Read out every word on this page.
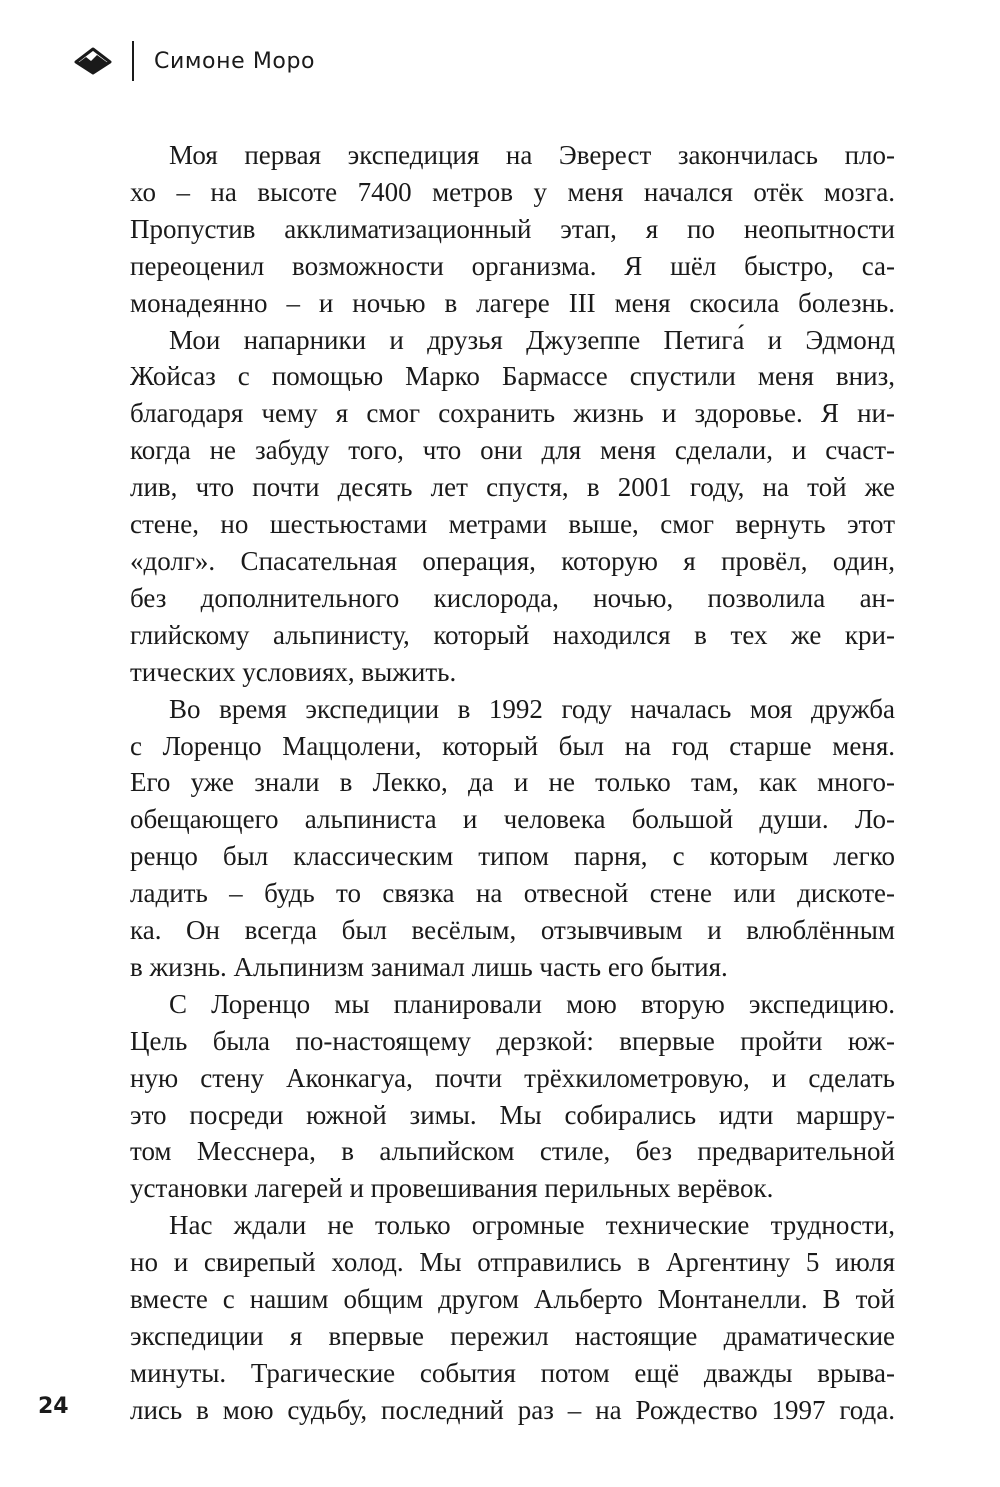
Симоне Моро

Моя первая экспедиция на Эверест закончилась пло-
хо – на высоте 7400 метров у меня начался отёк мозга.
Пропустив акклиматизационный этап, я по неопытности
переоценил возможности организма. Я шёл быстро, са-
монадеянно – и ночью в лагере III меня скосила болезнь.

Мои напарники и друзья Джузеппе Петига́ и Эдмонд
Жойсаз с помощью Марко Бармассе спустили меня вниз,
благодаря чему я смог сохранить жизнь и здоровье. Я ни-
когда не забуду того, что они для меня сделали, и счаст-
лив, что почти десять лет спустя, в 2001 году, на той же
стене, но шестьюстами метрами выше, смог вернуть этот
«долг». Спасательная операция, которую я провёл, один,
без дополнительного кислорода, ночью, позволила ан-
глийскому альпинисту, который находился в тех же кри-
тических условиях, выжить.

Во время экспедиции в 1992 году началась моя дружба
с Лоренцо Маццолени, который был на год старше меня.
Его уже знали в Лекко, да и не только там, как много-
обещающего альпиниста и человека большой души. Ло-
ренцо был классическим типом парня, с которым легко
ладить – будь то связка на отвесной стене или дискоте-
ка. Он всегда был весёлым, отзывчивым и влюблённым
в жизнь. Альпинизм занимал лишь часть его бытия.

С Лоренцо мы планировали мою вторую экспедицию.
Цель была по-настоящему дерзкой: впервые пройти юж-
ную стену Аконкагуа, почти трёхкилометровую, и сделать
это посреди южной зимы. Мы собирались идти маршру-
том Месснера, в альпийском стиле, без предварительной
установки лагерей и провешивания перильных верёвок.

Нас ждали не только огромные технические трудности,
но и свирепый холод. Мы отправились в Аргентину 5 июля
вместе с нашим общим другом Альберто Монтанелли. В той
экспедиции я впервые пережил настоящие драматические
минуты. Трагические события потом ещё дважды врыва-
лись в мою судьбу, последний раз – на Рождество 1997 года.

24
